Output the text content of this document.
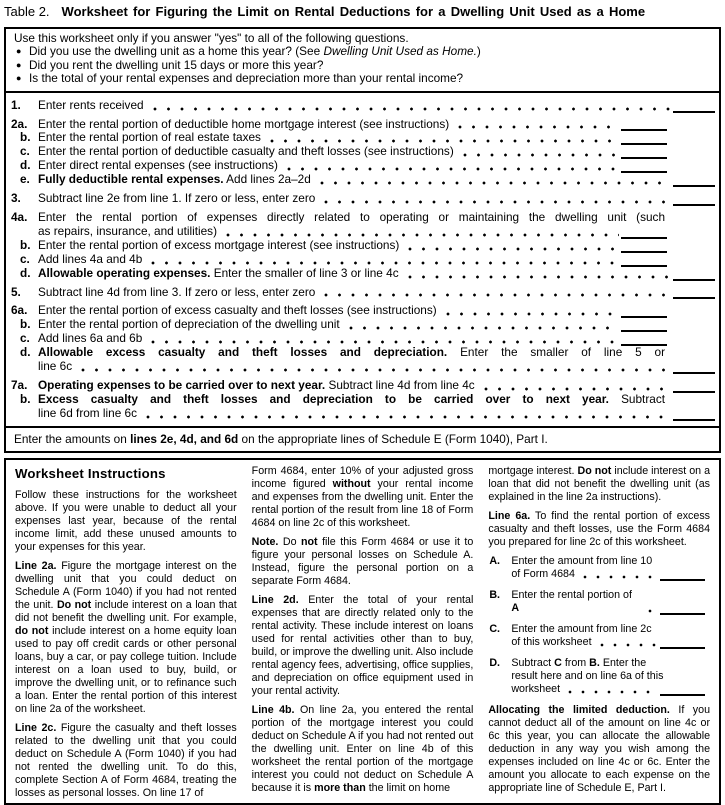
Table 2. Worksheet for Figuring the Limit on Rental Deductions for a Dwelling Unit Used as a Home
Use this worksheet only if you answer "yes" to all of the following questions.
● Did you use the dwelling unit as a home this year? (See Dwelling Unit Used as Home.)
● Did you rent the dwelling unit 15 days or more this year?
● Is the total of your rental expenses and depreciation more than your rental income?
1.	Enter rents received
2a. Enter the rental portion of deductible home mortgage interest (see instructions)
b. Enter the rental portion of real estate taxes
c. Enter the rental portion of deductible casualty and theft losses (see instructions)
d. Enter direct rental expenses (see instructions)
e. Fully deductible rental expenses. Add lines 2a–2d
3.	Subtract line 2e from line 1. If zero or less, enter zero
4a. Enter the rental portion of expenses directly related to operating or maintaining the dwelling unit (such
as repairs, insurance, and utilities)
b. Enter the rental portion of excess mortgage interest (see instructions)
c. Add lines 4a and 4b
d. Allowable operating expenses. Enter the smaller of line 3 or line 4c
5.	Subtract line 4d from line 3. If zero or less, enter zero
6a. Enter the rental portion of excess casualty and theft losses (see instructions)
b. Enter the rental portion of depreciation of the dwelling unit
c. Add lines 6a and 6b
d. Allowable excess casualty and theft losses and depreciation. Enter the smaller of line 5 or
line 6c
7a. Operating expenses to be carried over to next year. Subtract line 4d from line 4c
b. Excess casualty and theft losses and depreciation to be carried over to next year. Subtract
line 6d from line 6c
Enter the amounts on lines 2e, 4d, and 6d on the appropriate lines of Schedule E (Form 1040), Part I.
Worksheet Instructions

Follow these instructions for the worksheet above. If you were unable to deduct all your expenses last year, because of the rental income limit, add these unused amounts to your expenses for this year.

Line 2a. Figure the mortgage interest on the dwelling unit that you could deduct on Schedule A (Form 1040) if you had not rented the unit. Do not include interest on a loan that did not benefit the dwelling unit. For example, do not include interest on a home equity loan used to pay off credit cards or other personal loans, buy a car, or pay college tuition. Include interest on a loan used to buy, build, or improve the dwelling unit, or to refinance such a loan. Enter the rental portion of this interest on line 2a of the worksheet.

Line 2c. Figure the casualty and theft losses related to the dwelling unit that you could deduct on Schedule A (Form 1040) if you had not rented the dwelling unit. To do this, complete Section A of Form 4684, treating the losses as personal losses. On line 17 of

Form 4684, enter 10% of your adjusted gross income figured without your rental income and expenses from the dwelling unit. Enter the rental portion of the result from line 18 of Form 4684 on line 2c of this worksheet.

Note. Do not file this Form 4684 or use it to figure your personal losses on Schedule A. Instead, figure the personal portion on a separate Form 4684.

Line 2d. Enter the total of your rental expenses that are directly related only to the rental activity. These include interest on loans used for rental activities other than to buy, build, or improve the dwelling unit. Also include rental agency fees, advertising, office supplies, and depreciation on office equipment used in your rental activity.

Line 4b. On line 2a, you entered the rental portion of the mortgage interest you could deduct on Schedule A if you had not rented out the dwelling unit. Enter on line 4b of this worksheet the rental portion of the mortgage interest you could not deduct on Schedule A because it is more than the limit on home

mortgage interest. Do not include interest on a loan that did not benefit the dwelling unit (as explained in the line 2a instructions).

Line 6a. To find the rental portion of excess casualty and theft losses, use the Form 4684 you prepared for line 2c of this worksheet.

A.	Enter the amount from line 10
of Form 4684
B.	Enter the rental portion of A
C.	Enter the amount from line 2c
of this worksheet
D.	Subtract C from B. Enter the
result here and on line 6a of this
worksheet

Allocating the limited deduction. If you cannot deduct all of the amount on line 4c or 6c this year, you can allocate the allowable deduction in any way you wish among the expenses included on line 4c or 6c. Enter the amount you allocate to each expense on the appropriate line of Schedule E, Part I.
